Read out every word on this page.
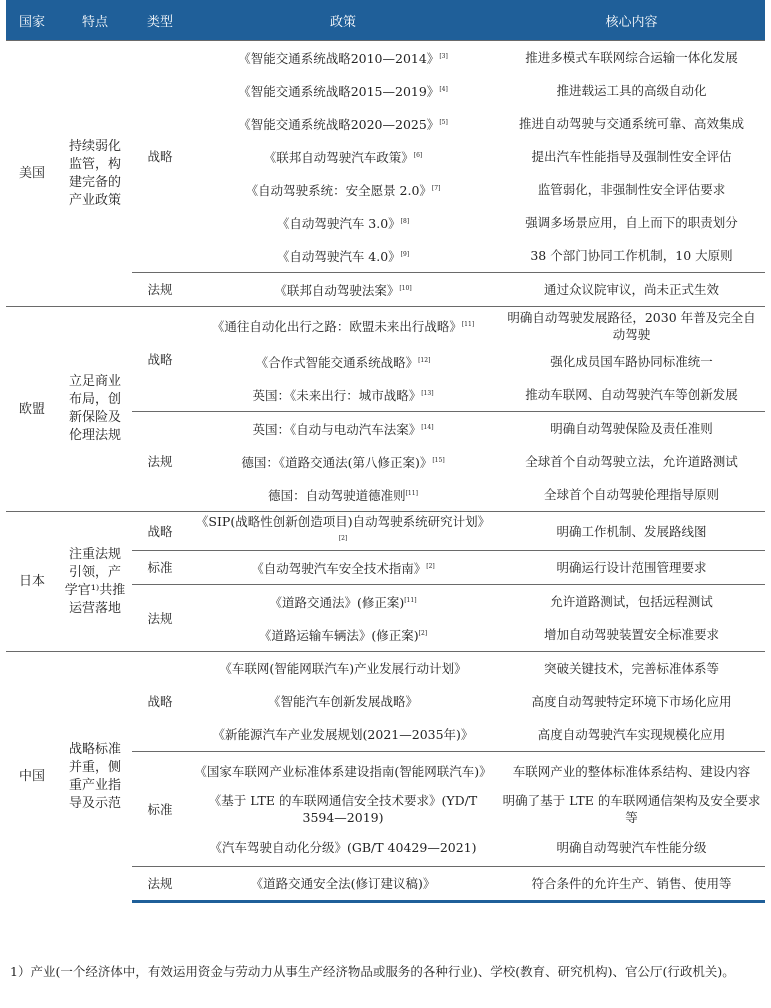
国家	特点	类型	政策	核心内容
美国	持续弱化监管，构建完备的产业政策	战略	《智能交通系统战略2010—2014》[3]	推进多模式车联网综合运输一体化发展
			《智能交通系统战略2015—2019》[4]	推进载运工具的高级自动化
			《智能交通系统战略2020—2025》[5]	推进自动驾驶与交通系统可靠、高效集成
			《联邦自动驾驶汽车政策》[6]	提出汽车性能指导及强制性安全评估
			《自动驾驶系统：安全愿景 2.0》[7]	监管弱化，非强制性安全评估要求
			《自动驾驶汽车 3.0》[8]	强调多场景应用，自上而下的职责划分
			《自动驾驶汽车 4.0》[9]	38 个部门协同工作机制，10 大原则
		法规	《联邦自动驾驶法案》[10]	通过众议院审议，尚未正式生效
欧盟	立足商业布局，创新保险及伦理法规	战略	《通往自动化出行之路：欧盟未来出行战略》[11]	明确自动驾驶发展路径，2030 年普及完全自动驾驶
			《合作式智能交通系统战略》[12]	强化成员国车路协同标准统一
			英国：《未来出行：城市战略》[13]	推动车联网、自动驾驶汽车等创新发展
		法规	英国：《自动与电动汽车法案》[14]	明确自动驾驶保险及责任准则
			德国：《道路交通法(第八修正案)》[15]	全球首个自动驾驶立法，允许道路测试
			德国：自动驾驶道德准则[11]	全球首个自动驾驶伦理指导原则
日本	注重法规引领，产学官¹⁾共推运营落地	战略	《SIP(战略性创新创造项目)自动驾驶系统研究计划》[2]	明确工作机制、发展路线图
		标准	《自动驾驶汽车安全技术指南》[2]	明确运行设计范围管理要求
		法规	《道路交通法》(修正案)[11]	允许道路测试，包括远程测试
			《道路运输车辆法》(修正案)[2]	增加自动驾驶装置安全标准要求
中国	战略标准并重，侧重产业指导及示范	战略	《车联网(智能网联汽车)产业发展行动计划》	突破关键技术，完善标准体系等
			《智能汽车创新发展战略》	高度自动驾驶特定环境下市场化应用
			《新能源汽车产业发展规划(2021—2035年)》	高度自动驾驶汽车实现规模化应用
		标准	《国家车联网产业标准体系建设指南(智能网联汽车)》	车联网产业的整体标准体系结构、建设内容
			《基于 LTE 的车联网通信安全技术要求》(YD/T 3594—2019)	明确了基于 LTE 的车联网通信架构及安全要求等
			《汽车驾驶自动化分级》(GB/T 40429—2021)	明确自动驾驶汽车性能分级
		法规	《道路交通安全法(修订建议稿)》	符合条件的允许生产、销售、使用等
1）产业(一个经济体中，有效运用资金与劳动力从事生产经济物品或服务的各种行业)、学校(教育、研究机构)、官公厅(行政机关)。
